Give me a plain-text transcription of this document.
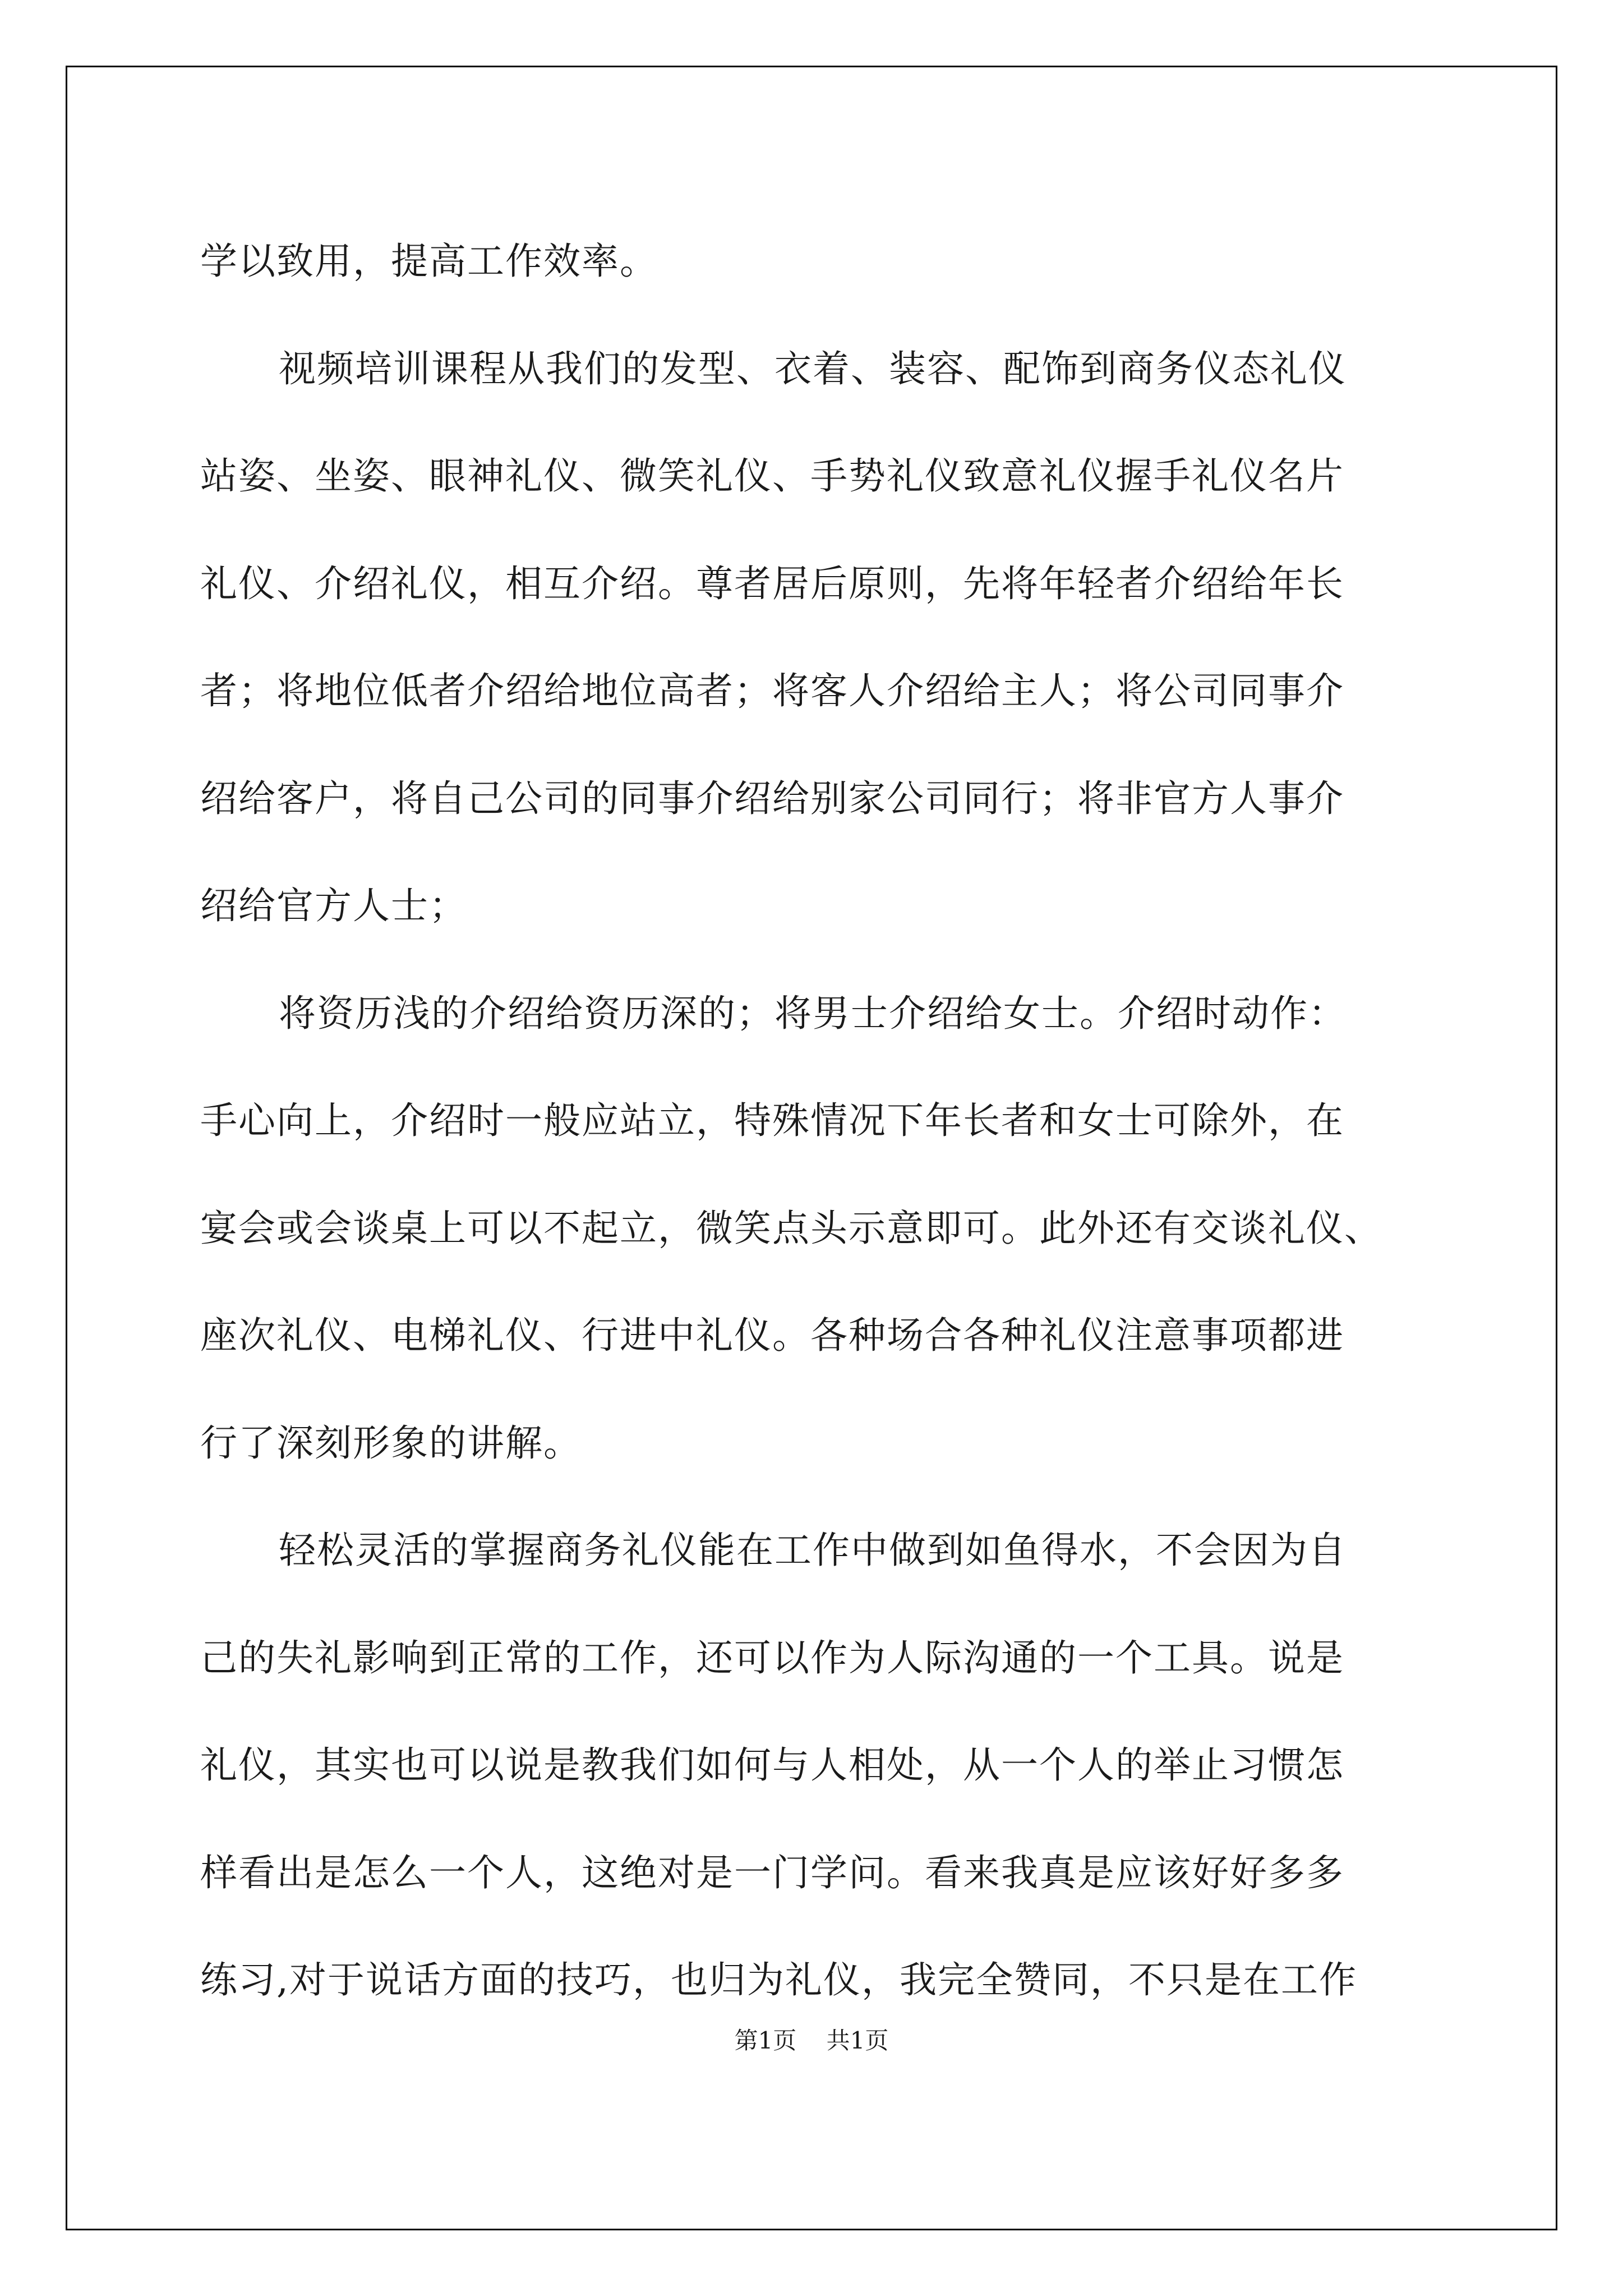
学以致用，提高工作效率。
视频培训课程从我们的发型、衣着、装容、配饰到商务仪态礼仪
站姿、坐姿、眼神礼仪、微笑礼仪、手势礼仪致意礼仪握手礼仪名片
礼仪、介绍礼仪，相互介绍。尊者居后原则，先将年轻者介绍给年长
者；将地位低者介绍给地位高者；将客人介绍给主人；将公司同事介
绍给客户，将自己公司的同事介绍给别家公司同行；将非官方人事介
绍给官方人士；
将资历浅的介绍给资历深的；将男士介绍给女士。介绍时动作：
手心向上，介绍时一般应站立，特殊情况下年长者和女士可除外，在
宴会或会谈桌上可以不起立，微笑点头示意即可。此外还有交谈礼仪、
座次礼仪、电梯礼仪、行进中礼仪。各种场合各种礼仪注意事项都进
行了深刻形象的讲解。
轻松灵活的掌握商务礼仪能在工作中做到如鱼得水，不会因为自
己的失礼影响到正常的工作，还可以作为人际沟通的一个工具。说是
礼仪，其实也可以说是教我们如何与人相处，从一个人的举止习惯怎
样看出是怎么一个人，这绝对是一门学问。看来我真是应该好好多多
练习,对于说话方面的技巧，也归为礼仪，我完全赞同，不只是在工作
第1页 共1页
